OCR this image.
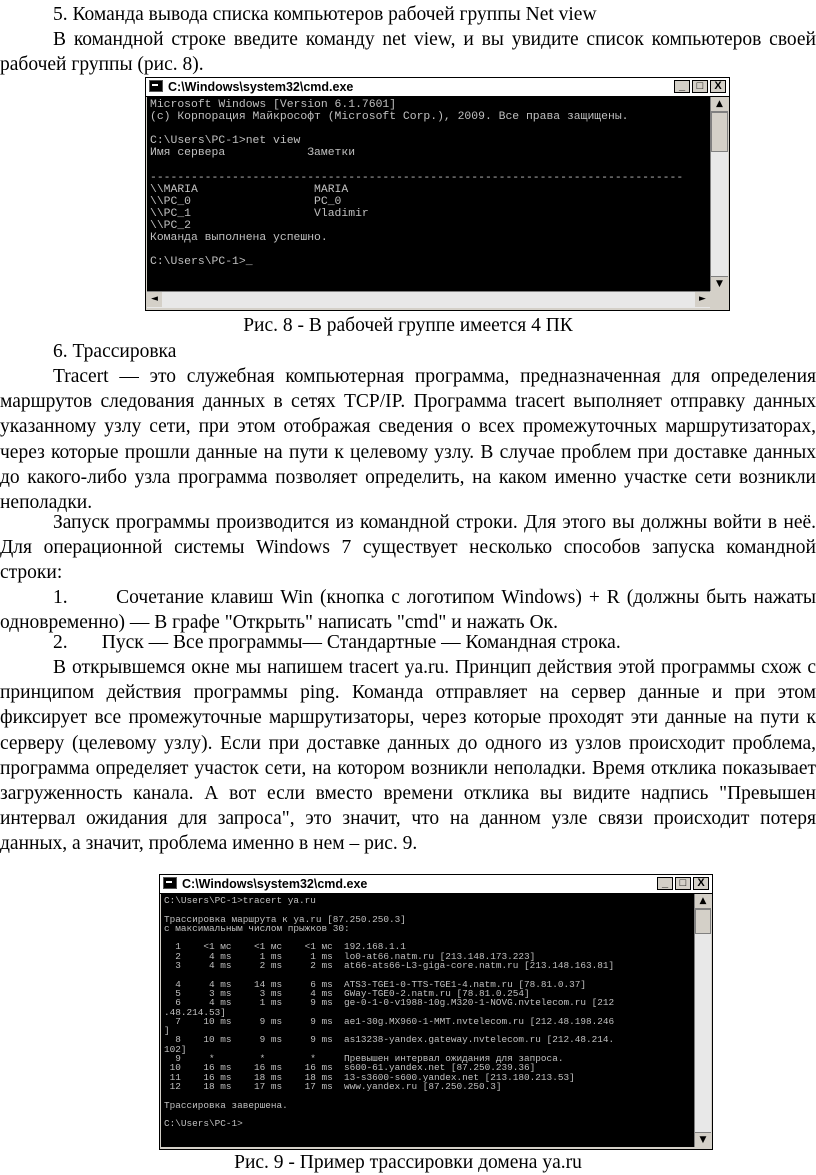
5. Команда вывода списка компьютеров рабочей группы Net view

В командной строке введите команду net view, и вы увидите список компьютеров своей рабочей группы (рис. 8).

C:\Windows\system32\cmd.exe	_	□	X
Microsoft Windows [Version 6.1.7601]
(c) Корпорация Майкрософт (Microsoft Corp.), 2009. Все права защищены.

C:\Users\PC-1>net view
Имя сервера            Заметки

------------------------------------------------------------------------------
\\MARIA                 MARIA
\\PC_0                  PC_0
\\PC_1                  Vladimir
\\PC_2
Команда выполнена успешно.

C:\Users\PC-1>_
▲
▼
◄	►
Рис. 8 - В рабочей группе имеется 4 ПК
6. Трассировка

Tracert — это служебная компьютерная программа, предназначенная для определения маршрутов следования данных в сетях TCP/IP. Программа tracert выполняет отправку данных указанному узлу сети, при этом отображая сведения о всех промежуточных маршрутизаторах, через которые прошли данные на пути к целевому узлу. В случае проблем при доставке данных до какого-либо узла программа позволяет определить, на каком именно участке сети возникли неполадки.

Запуск программы производится из командной строки. Для этого вы должны войти в неё. Для операционной системы Windows 7 существует несколько способов запуска командной строки:

1.       Сочетание клавиш Win (кнопка с логотипом Windows) + R (должны быть нажаты одновременно) — В графе "Открыть" написать "cmd" и нажать Ок.

2.       Пуск — Все программы— Стандартные — Командная строка.

В открывшемся окне мы напишем tracert ya.ru. Принцип действия этой программы схож с принципом действия программы ping. Команда отправляет на сервер данные и при этом фиксирует все промежуточные маршрутизаторы, через которые проходят эти данные на пути к серверу (целевому узлу). Если при доставке данных до одного из узлов происходит проблема, программа определяет участок сети, на котором возникли неполадки. Время отклика показывает загруженность канала. А вот если вместо времени отклика вы видите надпись "Превышен интервал ожидания для запроса", это значит, что на данном узле связи происходит потеря данных, а значит, проблема именно в нем – рис. 9.

C:\Windows\system32\cmd.exe	_	□	X
C:\Users\PC-1>tracert ya.ru

Трассировка маршрута к ya.ru [87.250.250.3]
с максимальным числом прыжков 30:

1    <1 мс    <1 мс    <1 мс  192.168.1.1
2     4 ms     1 ms     1 ms  lo0-at66.natm.ru [213.148.173.223]
3     4 ms     2 ms     2 ms  at66-ats66-L3-giga-core.natm.ru [213.148.163.81]

4     4 ms    14 ms     6 ms  ATS3-TGE1-0-TTS-TGE1-4.natm.ru [78.81.0.37]
5     3 ms     3 ms     4 ms  GWay-TGE0-2.natm.ru [78.81.0.254]
6     4 ms     1 ms     9 ms  ge-0-1-0-v1988-10g.M320-1-NOVG.nvtelecom.ru [212
.48.214.53]
7    10 ms     9 ms     9 ms  ae1-30g.MX960-1-MMT.nvtelecom.ru [212.48.198.246
]
8    10 ms     9 ms     9 ms  as13238-yandex.gateway.nvtelecom.ru [212.48.214.
102]
9     *        *        *     Превышен интервал ожидания для запроса.
10    16 ms    16 ms    16 ms  s600-61.yandex.net [87.250.239.36]
11    16 ms    18 ms    18 ms  13-s3600-s600.yandex.net [213.180.213.53]
12    18 ms    17 ms    17 ms  www.yandex.ru [87.250.250.3]

Трассировка завершена.

C:\Users\PC-1>
▲
▼
Рис. 9 - Пример трассировки домена ya.ru
